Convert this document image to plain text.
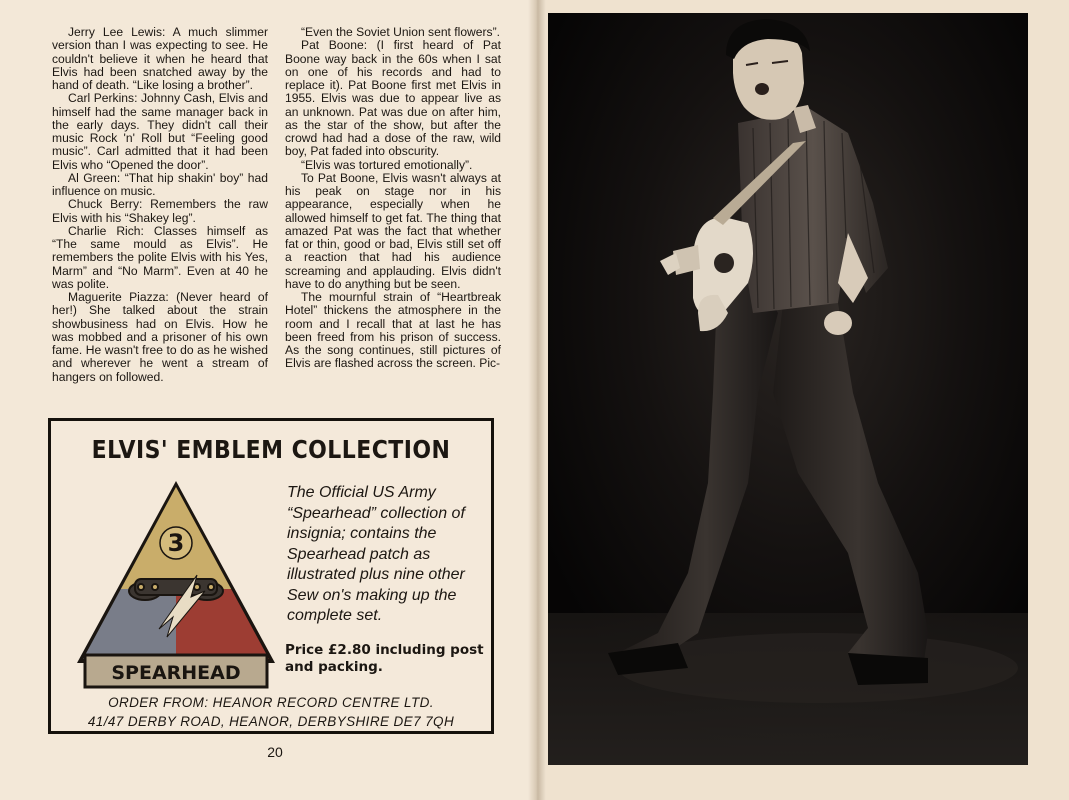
Jerry Lee Lewis: A much slimmer version than I was expecting to see. He couldn't believe it when he heard that Elvis had been snatched away by the hand of death. “Like losing a brother”.

Carl Perkins: Johnny Cash, Elvis and himself had the same manager back in the early days. They didn't call their music Rock 'n' Roll but “Feeling good music”. Carl admitted that it had been Elvis who “Opened the door”.

Al Green: “That hip shakin' boy” had influence on music.

Chuck Berry: Remembers the raw Elvis with his “Shakey leg”.

Charlie Rich: Classes himself as “The same mould as Elvis”. He remembers the polite Elvis with his Yes, Marm” and “No Marm”. Even at 40 he was polite.

Maguerite Piazza: (Never heard of her!) She talked about the strain showbusiness had on Elvis. How he was mobbed and a prisoner of his own fame. He wasn't free to do as he wished and wherever he went a stream of hangers on followed.

“Even the Soviet Union sent flowers”.

Pat Boone: (I first heard of Pat Boone way back in the 60s when I sat on one of his records and had to replace it). Pat Boone first met Elvis in 1955. Elvis was due to appear live as an unknown. Pat was due on after him, as the star of the show, but after the crowd had had a dose of the raw, wild boy, Pat faded into obscurity.

“Elvis was tortured emotionally”.

To Pat Boone, Elvis wasn't always at his peak on stage nor in his appearance, especially when he allowed himself to get fat. The thing that amazed Pat was the fact that whether fat or thin, good or bad, Elvis still set off a reaction that had his audience screaming and applauding. Elvis didn't have to do anything but be seen.

The mournful strain of “Heartbreak Hotel” thickens the atmosphere in the room and I recall that at last he has been freed from his prison of success. As the song continues, still pictures of Elvis are flashed across the screen. Pic-

ELVIS' EMBLEM COLLECTION
3
SPEARHEAD
The Official US Army “Spearhead” collection of insignia; contains the Spearhead patch as illustrated plus nine other Sew on's making up the complete set.
Price £2.80 including post and packing.
ORDER FROM: HEANOR RECORD CENTRE LTD.
41/47 DERBY ROAD, HEANOR, DERBYSHIRE DE7 7QH
20
